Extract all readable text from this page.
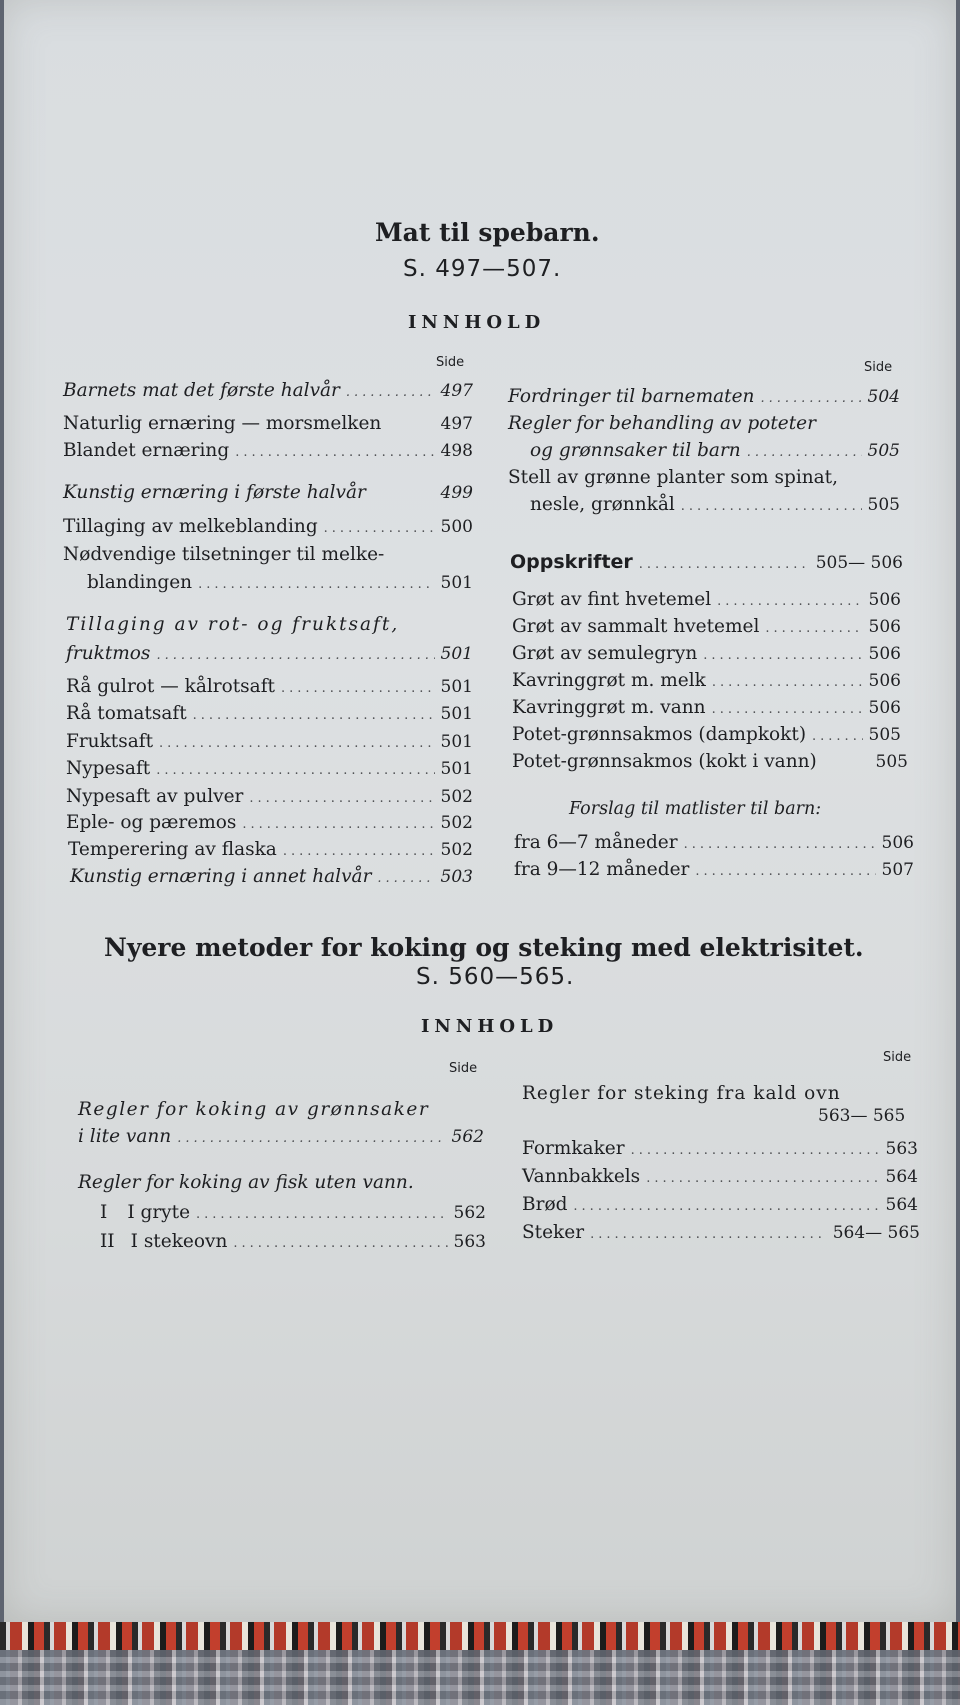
Mat til spebarn.
S. 497—507.
INNHOLD
Side	Side
Barnets mat det første halvår .....	497
Naturlig ernæring — morsmelken	497
Blandet ernæring .....	498
Kunstig ernæring i første halvår	499
Tillaging av melkeblanding .....	500
Nødvendige tilsetninger til melke-
blandingen .....	501
Tillaging av rot- og fruktsaft,
fruktmos .....	501
Rå gulrot — kålrotsaft .....	501
Rå tomatsaft .....	501
Fruktsaft .....	501
Nypesaft .....	501
Nypesaft av pulver .....	502
Eple- og pæremos .....	502
Temperering av flaska .....	502
Kunstig ernæring i annet halvår .....	503
Fordringer til barnematen .....	504
Regler for behandling av poteter
og grønnsaker til barn .....	505
Stell av grønne planter som spinat,
nesle, grønnkål .....	505
Oppskrifter .....	505— 506
Grøt av fint hvetemel .....	506
Grøt av sammalt hvetemel .....	506
Grøt av semulegryn .....	506
Kavringgrøt m. melk .....	506
Kavringgrøt m. vann .....	506
Potet-grønnsakmos (dampkokt) .....	505
Potet-grønnsakmos (kokt i vann)	505
Forslag til matlister til barn:
fra 6—7 måneder .....	506
fra 9—12 måneder .....	507
Nyere metoder for koking og steking med elektrisitet.
S. 560—565.
INNHOLD
Side
Side
Regler for koking av grønnsaker
i lite vann .....	562
Regler for koking av fisk uten vann.
I I gryte .....	562
II I stekeovn .....	563
Regler for steking fra kald ovn
563— 565
Formkaker .....	563
Vannbakkels .....	564
Brød .....	564
Steker .....	564— 565
